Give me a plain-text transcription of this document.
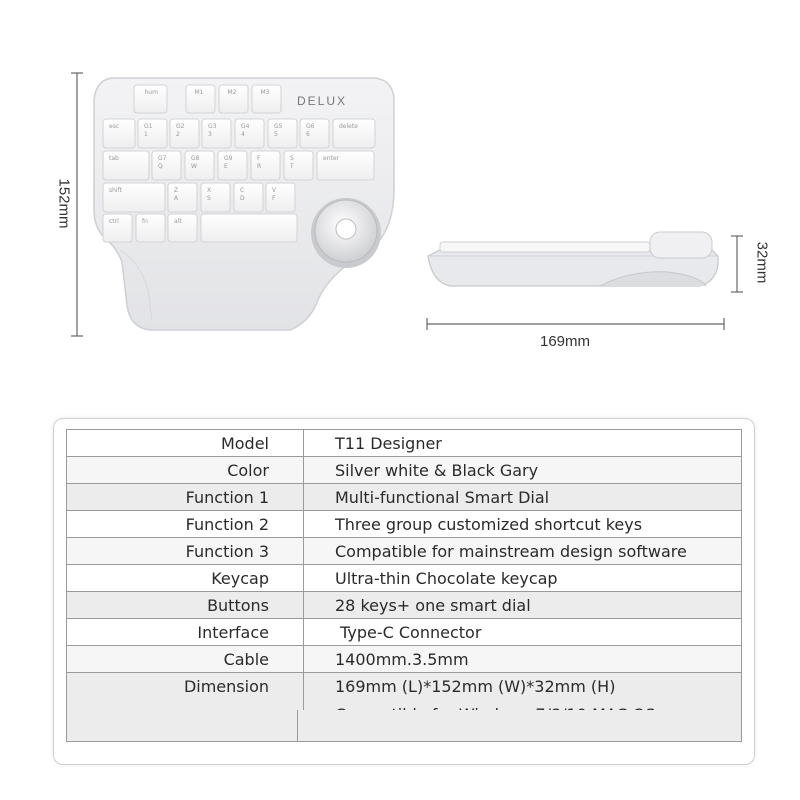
hum	M1	M2	M3
esc	G1
1
G2
2
G3
3
G4
4
G5
5
G6
6
delete
tab	G7
Q
G8
W
G9
E
F
R
S
T
enter
shift	Z
A
X
S
C
D
V
F
ctrl	fn	alt
DELUX
152mm
32mm
169mm
Model	T11 Designer
Color	Silver white & Black Gary
Function 1	Multi-functional Smart Dial
Function 2	Three group customized shortcut keys
Function 3	Compatible for mainstream design software
Keycap	Ultra-thin Chocolate keycap
Buttons	28 keys+ one smart dial
Interface	Type-C Connector
Cable	1400mm.3.5mm
Dimension	169mm (L)*152mm (W)*32mm (H)
